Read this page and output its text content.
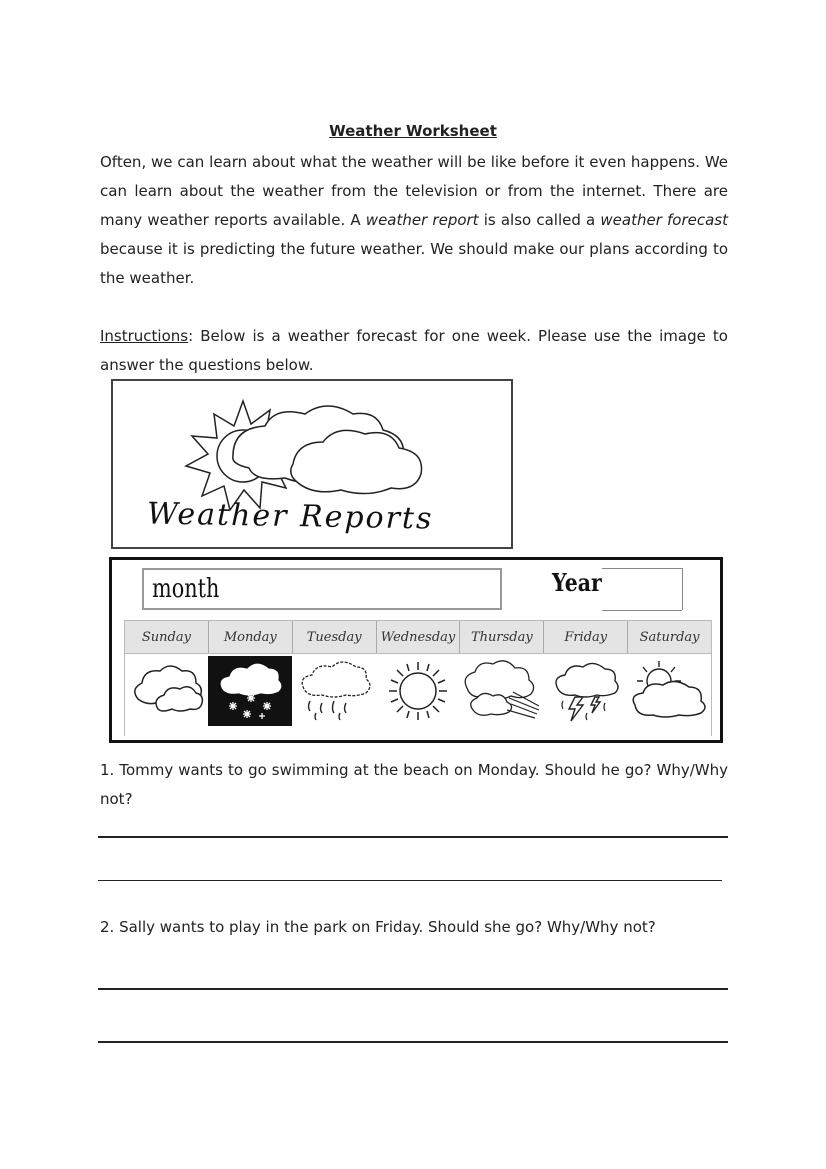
Weather Worksheet

Often, we can learn about what the weather will be like before it even happens. We can learn about the weather from the television or from the internet. There are many weather reports available. A weather report is also called a weather forecast because it is predicting the future weather. We should make our plans according to the weather.

Instructions: Below is a weather forecast for one week. Please use the image to answer the questions below.

Weather Reports
month	Year
Sunday	Monday	Tuesday	Wednesday	Thursday	Friday	Saturday

1. Tommy wants to go swimming at the beach on Monday. Should he go? Why/Why not?

2. Sally wants to play in the park on Friday. Should she go? Why/Why not?
